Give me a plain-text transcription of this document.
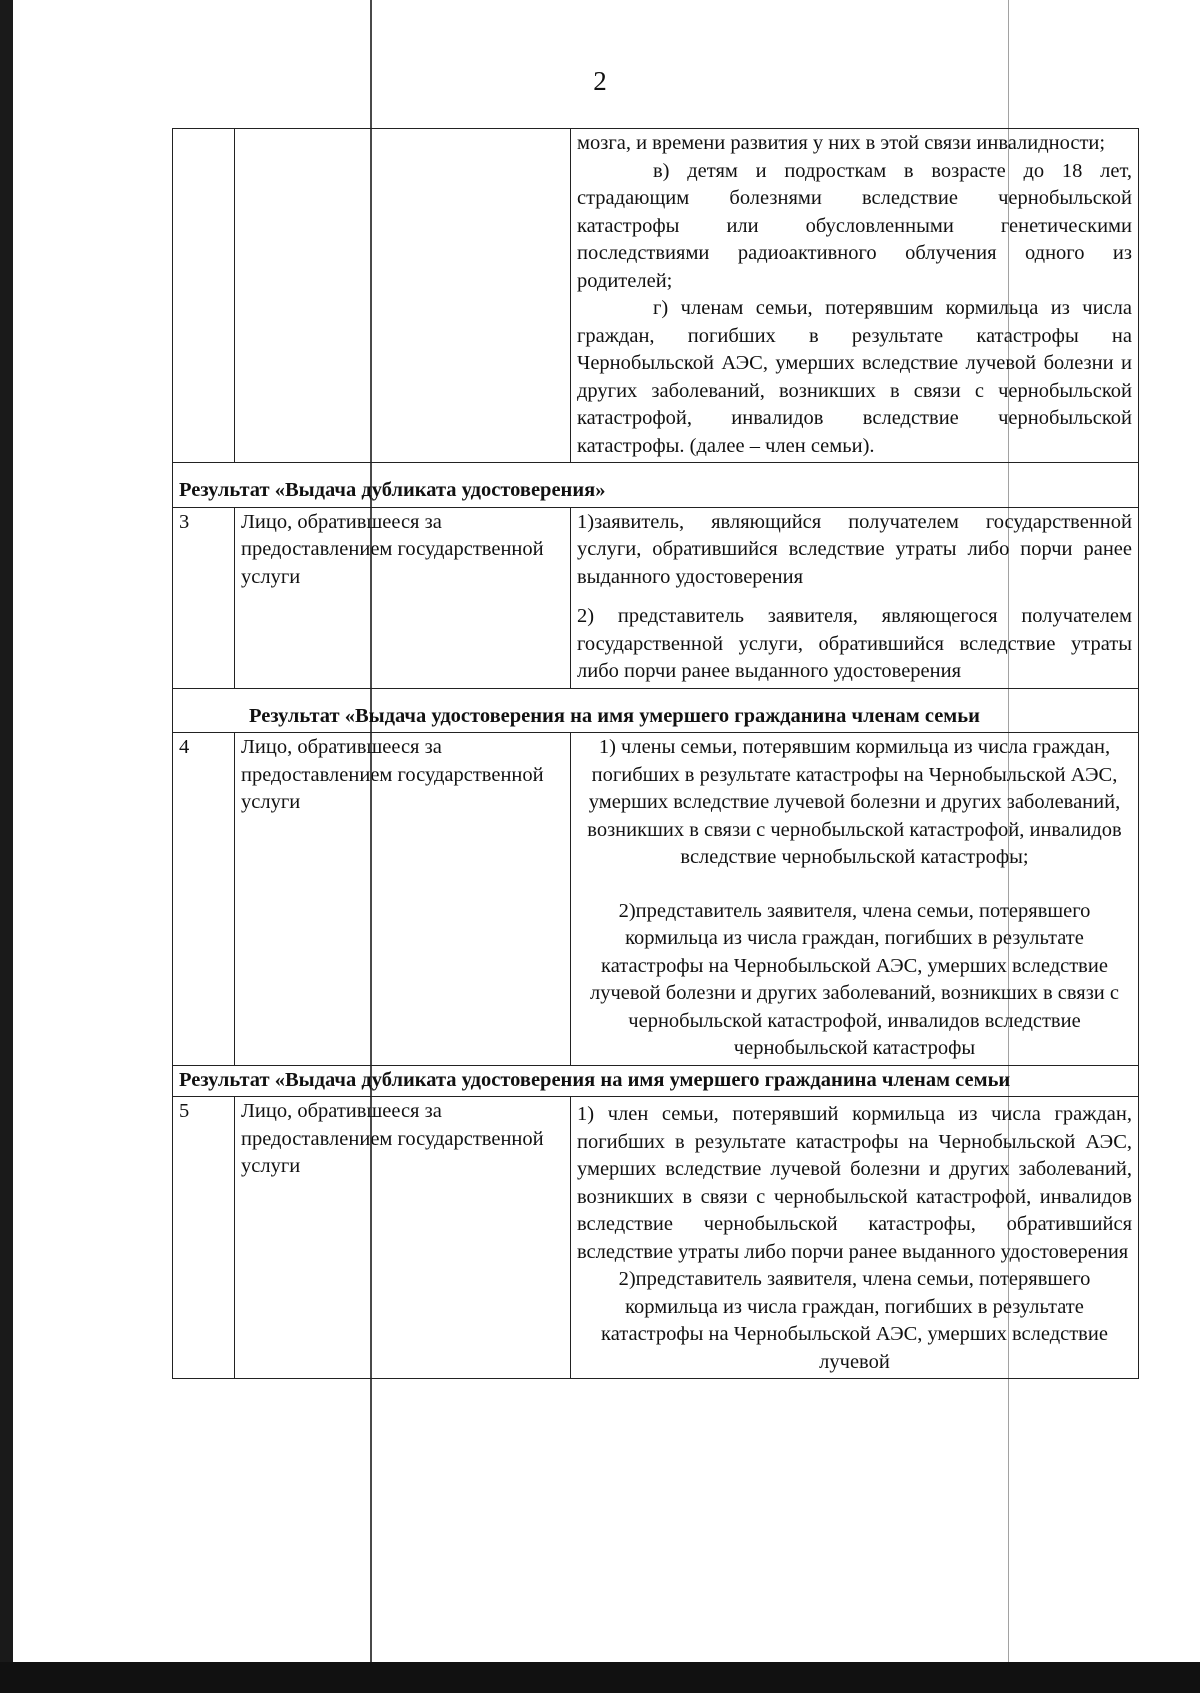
2

		мозга, и времени развития у них в этой связи инвалидности;

в) детям и подросткам в возрасте до 18 лет, страдающим болезнями вследствие чернобыльской катастрофы или обусловленными генетическими последствиями радиоактивного облучения одного из родителей;

г) членам семьи, потерявшим кормильца из числа граждан, погибших в результате катастрофы на Чернобыльской АЭС, умерших вследствие лучевой болезни и других заболеваний, возникших в связи с чернобыльской катастрофой, инвалидов вследствие чернобыльской катастрофы. (далее – член семьи).

Результат «Выдача дубликата удостоверения»		
3	Лицо, обратившееся за предоставлением государственной услуги	1)заявитель, являющийся получателем государственной услуги, обратившийся вследствие утраты либо порчи ранее выданного удостоверения

2) представитель заявителя, являющегося получателем государственной услуги, обратившийся вследствие утраты либо порчи ранее выданного удостоверения

Результат «Выдача удостоверения на имя умершего гражданина членам семьи		
4	Лицо, обратившееся за предоставлением государственной услуги	1) члены семьи, потерявшим кормильца из числа граждан, погибших в результате катастрофы на Чернобыльской АЭС, умерших вследствие лучевой болезни и других заболеваний, возникших в связи с чернобыльской катастрофой, инвалидов вследствие чернобыльской катастрофы;

2)представитель заявителя, члена семьи, потерявшего кормильца из числа граждан, погибших в результате катастрофы на Чернобыльской АЭС, умерших вследствие лучевой болезни и других заболеваний, возникших в связи с чернобыльской катастрофой, инвалидов вследствие чернобыльской катастрофы

Результат «Выдача дубликата удостоверения на имя умершего гражданина членам семьи		
5	Лицо, обратившееся за предоставлением государственной услуги	1) член семьи, потерявший кормильца из числа граждан, погибших в результате катастрофы на Чернобыльской АЭС, умерших вследствие лучевой болезни и других заболеваний, возникших в связи с чернобыльской катастрофой, инвалидов вследствие чернобыльской катастрофы, обратившийся вследствие утраты либо порчи ранее выданного удостоверения

2)представитель заявителя, члена семьи, потерявшего кормильца из числа граждан, погибших в результате катастрофы на Чернобыльской АЭС, умерших вследствие лучевой
